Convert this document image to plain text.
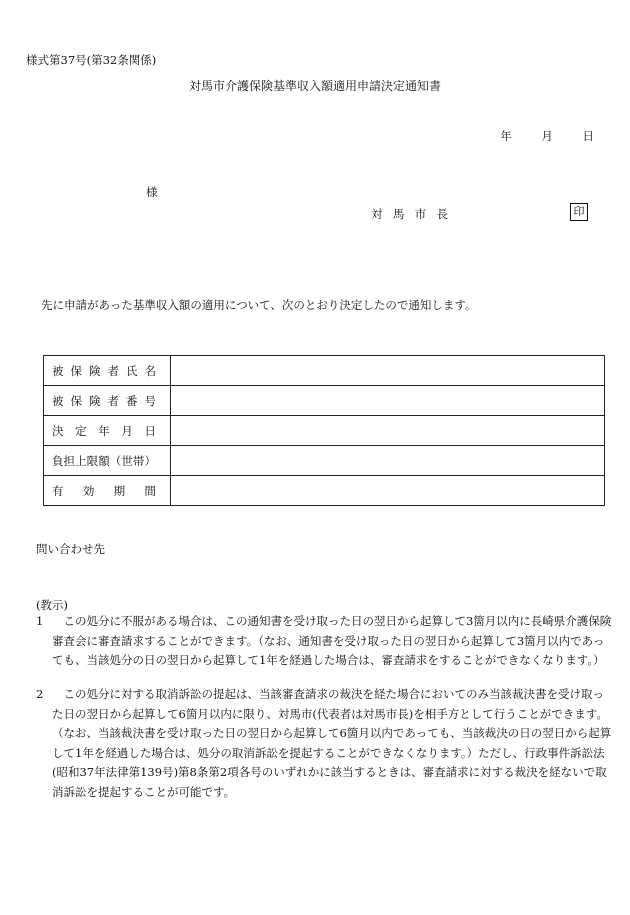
様式第37号(第32条関係)
対馬市介護保険基準収入額適用申請決定通知書
年	月	日
様
対馬市長	印
先に申請があった基準収入額の適用について、次のとおり決定したので通知します。
被保険者氏名	

被保険者番号	

決定年月日	

負担上限額（世帯）	

有効期間	

問い合わせ先
(教示)
1	この処分に不服がある場合は、この通知書を受け取った日の翌日から起算して3箇月以内に長崎県介護保険審査会に審査請求することができます。（なお、通知書を受け取った日の翌日から起算して3箇月以内であっても、当該処分の日の翌日から起算して1年を経過した場合は、審査請求をすることができなくなります。）
2	この処分に対する取消訴訟の提起は、当該審査請求の裁決を経た場合においてのみ当該裁決書を受け取った日の翌日から起算して6箇月以内に限り、対馬市(代表者は対馬市長)を相手方として行うことができます。（なお、当該裁決書を受け取った日の翌日から起算して6箇月以内であっても、当該裁決の日の翌日から起算して1年を経過した場合は、処分の取消訴訟を提起することができなくなります。）ただし、行政事件訴訟法(昭和37年法律第139号)第8条第2項各号のいずれかに該当するときは、審査請求に対する裁決を経ないで取消訴訟を提起することが可能です。
